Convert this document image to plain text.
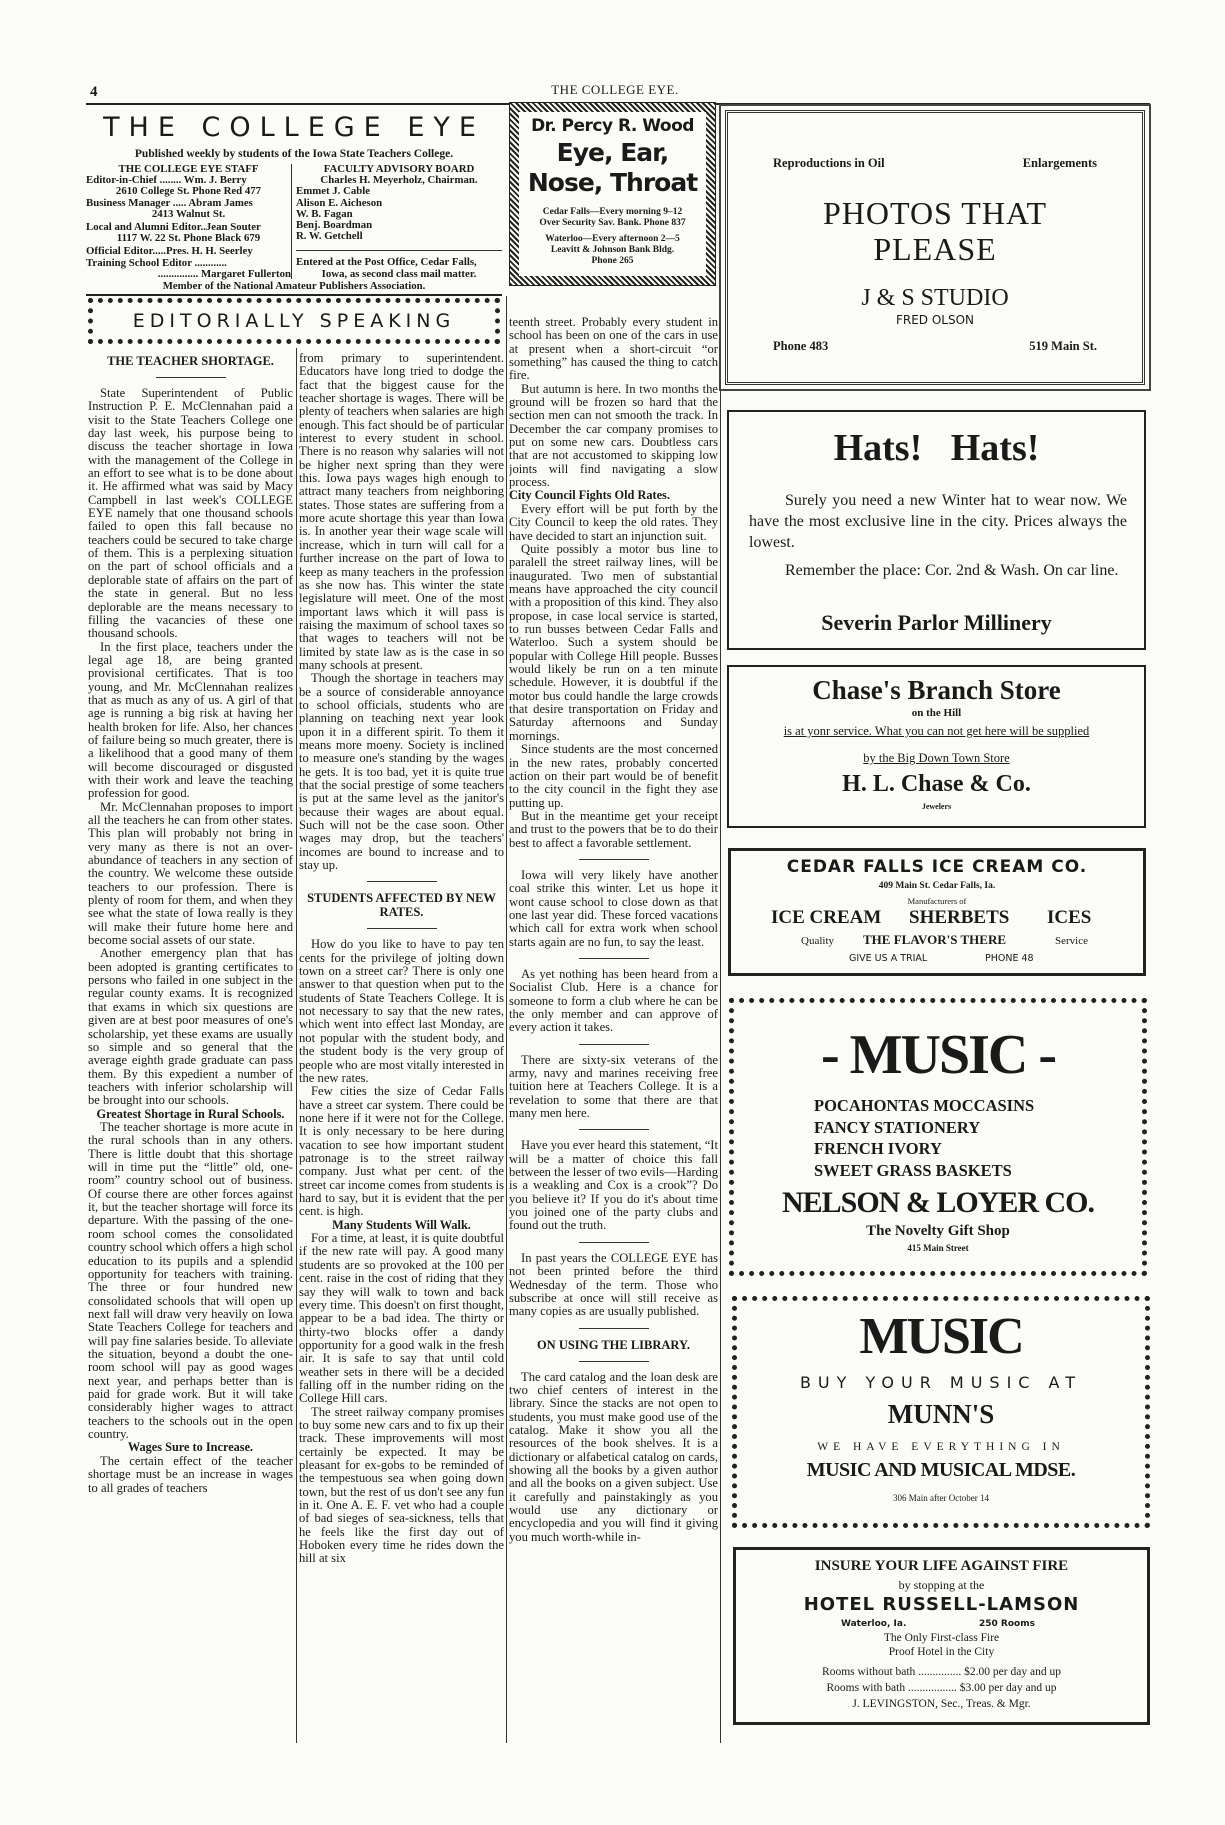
4	THE COLLEGE EYE.
THE COLLEGE EYE
Published weekly by students of the Iowa State Teachers College.
THE COLLEGE EYE STAFF
Editor-in-Chief ........ Wm. J. Berry
2610 College St. Phone Red 477
Business Manager ..... Abram James
2413 Walnut St.
Local and Alumni Editor..Jean Souter
1117 W. 22 St. Phone Black 679
Official Editor.....Pres. H. H. Seerley
Training School Editor ............
............... Margaret Fullerton
FACULTY ADVISORY BOARD
Charles H. Meyerholz, Chairman.
Emmet J. Cable
Alison E. Aicheson
W. B. Fagan
Benj. Boardman
R. W. Getchell
Entered at the Post Office, Cedar Falls,
Iowa, as second class mail matter.
Member of the National Amateur Publishers Association.
EDITORIALLY SPEAKING
Dr. Percy R. Wood
Eye, Ear,
Nose, Throat
Cedar Falls—Every morning 9–12
Over Security Sav. Bank. Phone 837
Waterloo—Every afternoon 2—5
Leavitt & Johnson Bank Bldg.
Phone 265
THE TEACHER SHORTAGE.

State Superintendent of Public Instruction P. E. McClennahan paid a visit to the State Teachers College one day last week, his purpose being to discuss the teacher shortage in Iowa with the management of the College in an effort to see what is to be done about it. He affirmed what was said by Macy Campbell in last week's COLLEGE EYE namely that one thousand schools failed to open this fall because no teachers could be secured to take charge of them. This is a perplexing situation on the part of school officials and a deplorable state of affairs on the part of the state in general. But no less deplorable are the means necessary to filling the vacancies of these one thousand schools.

In the first place, teachers under the legal age 18, are being granted provisional certificates. That is too young, and Mr. McClennahan realizes that as much as any of us. A girl of that age is running a big risk at having her health broken for life. Also, her chances of failure being so much greater, there is a likelihood that a good many of them will become discouraged or disgusted with their work and leave the teaching profession for good.

Mr. McClennahan proposes to import all the teachers he can from other states. This plan will probably not bring in very many as there is not an over-abundance of teachers in any section of the country. We welcome these outside teachers to our profession. There is plenty of room for them, and when they see what the state of Iowa really is they will make their future home here and become social assets of our state.

Another emergency plan that has been adopted is granting certificates to persons who failed in one subject in the regular county exams. It is recognized that exams in which six questions are given are at best poor measures of one's scholarship, yet these exams are usually so simple and so general that the average eighth grade graduate can pass them. By this expedient a number of teachers with inferior scholarship will be brought into our schools.

Greatest Shortage in Rural Schools.

The teacher shortage is more acute in the rural schools than in any others. There is little doubt that this shortage will in time put the “little” old, one-room” country school out of business. Of course there are other forces against it, but the teacher shortage will force its departure. With the passing of the one-room school comes the consolidated country school which offers a high schol education to its pupils and a splendid opportunity for teachers with training. The three or four hundred new consolidated schools that will open up next fall will draw very heavily on Iowa State Teachers College for teachers and will pay fine salaries beside. To alleviate the situation, beyond a doubt the one-room school will pay as good wages next year, and perhaps better than is paid for grade work. But it will take considerably higher wages to attract teachers to the schools out in the open country.

Wages Sure to Increase.

The certain effect of the teacher shortage must be an increase in wages to all grades of teachers

from primary to superintendent. Educators have long tried to dodge the fact that the biggest cause for the teacher shortage is wages. There will be plenty of teachers when salaries are high enough. This fact should be of particular interest to every student in school. There is no reason why salaries will not be higher next spring than they were this. Iowa pays wages high enough to attract many teachers from neighboring states. Those states are suffering from a more acute shortage this year than Iowa is. In another year their wage scale will increase, which in turn will call for a further increase on the part of Iowa to keep as many teachers in the profession as she now has. This winter the state legislature will meet. One of the most important laws which it will pass is raising the maximum of school taxes so that wages to teachers will not be limited by state law as is the case in so many schools at present.

Though the shortage in teachers may be a source of considerable annoyance to school officials, students who are planning on teaching next year look upon it in a different spirit. To them it means more moeny. Society is inclined to measure one's standing by the wages he gets. It is too bad, yet it is quite true that the social prestige of some teachers is put at the same level as the janitor's because their wages are about equal. Such will not be the case soon. Other wages may drop, but the teachers' incomes are bound to increase and to stay up.

STUDENTS AFFECTED BY NEW RATES.

How do you like to have to pay ten cents for the privilege of jolting down town on a street car? There is only one answer to that question when put to the students of State Teachers College. It is not necessary to say that the new rates, which went into effect last Monday, are not popular with the student body, and the student body is the very group of people who are most vitally interested in the new rates.

Few cities the size of Cedar Falls have a street car system. There could be none here if it were not for the College. It is only necessary to be here during vacation to see how important student patronage is to the street railway company. Just what per cent. of the street car income comes from students is hard to say, but it is evident that the per cent. is high.

Many Students Will Walk.

For a time, at least, it is quite doubtful if the new rate will pay. A good many students are so provoked at the 100 per cent. raise in the cost of riding that they say they will walk to town and back every time. This doesn't on first thought, appear to be a bad idea. The thirty or thirty-two blocks offer a dandy opportunity for a good walk in the fresh air. It is safe to say that until cold weather sets in there will be a decided falling off in the number riding on the College Hill cars.

The street railway company promises to buy some new cars and to fix up their track. These improvements will most certainly be expected. It may be pleasant for ex-gobs to be reminded of the tempestuous sea when going down town, but the rest of us don't see any fun in it. One A. E. F. vet who had a couple of bad sieges of sea-sickness, tells that he feels like the first day out of Hoboken every time he rides down the hill at six

teenth street. Probably every student in school has been on one of the cars in use at present when a short-circuit “or something” has caused the thing to catch fire.

But autumn is here. In two months the ground will be frozen so hard that the section men can not smooth the track. In December the car company promises to put on some new cars. Doubtless cars that are not accustomed to skipping low joints will find navigating a slow process.

City Council Fights Old Rates.

Every effort will be put forth by the City Council to keep the old rates. They have decided to start an injunction suit.

Quite possibly a motor bus line to paralell the street railway lines, will be inaugurated. Two men of substantial means have approached the city council with a proposition of this kind. They also propose, in case local service is started, to run busses between Cedar Falls and Waterloo. Such a system should be popular with College Hill people. Busses would likely be run on a ten minute schedule. However, it is doubtful if the motor bus could handle the large crowds that desire transportation on Friday and Saturday afternoons and Sunday mornings.

Since students are the most concerned in the new rates, probably concerted action on their part would be of benefit to the city council in the fight they ase putting up.

But in the meantime get your receipt and trust to the powers that be to do their best to affect a favorable settlement.

Iowa will very likely have another coal strike this winter. Let us hope it wont cause school to close down as that one last year did. These forced vacations which call for extra work when school starts again are no fun, to say the least.

As yet nothing has been heard from a Socialist Club. Here is a chance for someone to form a club where he can be the only member and can approve of every action it takes.

There are sixty-six veterans of the army, navy and marines receiving free tuition here at Teachers College. It is a revelation to some that there are that many men here.

Have you ever heard this statement, “It will be a matter of choice this fall between the lesser of two evils—Harding is a weakling and Cox is a crook”? Do you believe it? If you do it's about time you joined one of the party clubs and found out the truth.

In past years the COLLEGE EYE has not been printed before the third Wednesday of the term. Those who subscribe at once will still receive as many copies as are usually published.

ON USING THE LIBRARY.

The card catalog and the loan desk are two chief centers of interest in the library. Since the stacks are not open to students, you must make good use of the catalog. Make it show you all the resources of the book shelves. It is a dictionary or alfabetical catalog on cards, showing all the books by a given author and all the books on a given subject. Use it carefully and painstakingly as you would use any dictionary or encyclopedia and you will find it giving you much worth-while in-

Reproductions in Oil	Enlargements
PHOTOS THAT
PLEASE
J & S STUDIO
FRED OLSON
Phone 483	519 Main St.
Hats!   Hats!
Surely you need a new Winter hat to wear now. We have the most exclusive line in the city. Prices always the lowest.
Remember the place: Cor. 2nd & Wash. On car line.
Severin Parlor Millinery
Chase's Branch Store
on the Hill
is at yonr service. What you can not get here will be supplied
by the Big Down Town Store
H. L. Chase & Co.
Jewelers
CEDAR FALLS ICE CREAM CO.
409 Main St. Cedar Falls, Ia.
Manufacturers of
ICE CREAM SHERBETS ICES
Quality THE FLAVOR'S THERE	Service
GIVE US A TRIAL	PHONE 48
- MUSIC -
POCAHONTAS MOCCASINS
FANCY STATIONERY
FRENCH IVORY
SWEET GRASS BASKETS
NELSON & LOYER CO.
The Novelty Gift Shop
415 Main Street
MUSIC
BUY YOUR MUSIC AT
MUNN'S
WE HAVE EVERYTHING IN
MUSIC AND MUSICAL MDSE.
306 Main after October 14
INSURE YOUR LIFE AGAINST FIRE
by stopping at the
HOTEL RUSSELL-LAMSON
Waterloo, Ia.	250 Rooms
The Only First-class Fire
Proof Hotel in the City
Rooms without bath ............... $2.00 per day and up
Rooms with bath ................. $3.00 per day and up
J. LEVINGSTON, Sec., Treas. & Mgr.
